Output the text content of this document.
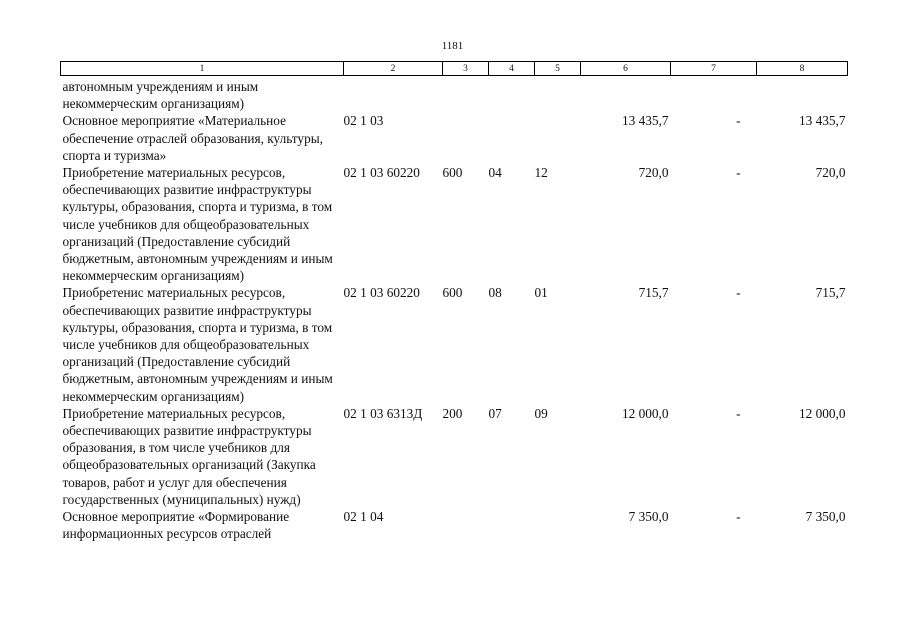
1181
1	2	3	4	5	6	7	8
автономным учреждениям и иным некоммерческим организациям)							
Основное мероприятие «Материальное обеспечение отраслей образования, культуры, спорта и туризма»	02 1 03				13 435,7	-	13 435,7
Приобретение материальных ресурсов, обеспечивающих развитие инфраструктуры культуры, образования, спорта и туризма, в том числе учебников для общеобразовательных организаций (Предоставление субсидий бюджетным, автономным учреждениям и иным некоммерческим организациям)	02 1 03 60220	600	04	12	720,0	-	720,0
Приобретенис материальных ресурсов, обеспечивающих развитие инфраструктуры культуры, образования, спорта и туризма, в том числе учебников для общеобразовательных организаций (Предоставление субсидий бюджетным, автономным учреждениям и иным некоммерческим организациям)	02 1 03 60220	600	08	01	715,7	-	715,7
Приобретение материальных ресурсов, обеспечивающих развитие инфраструктуры образования, в том числе учебников для общеобразовательных организаций (Закупка товаров, работ и услуг для обеспечения государственных (муниципальных) нужд)	02 1 03 6313Д	200	07	09	12 000,0	-	12 000,0
Основное мероприятие «Формирование информационных ресурсов отраслей	02 1 04				7 350,0	-	7 350,0
